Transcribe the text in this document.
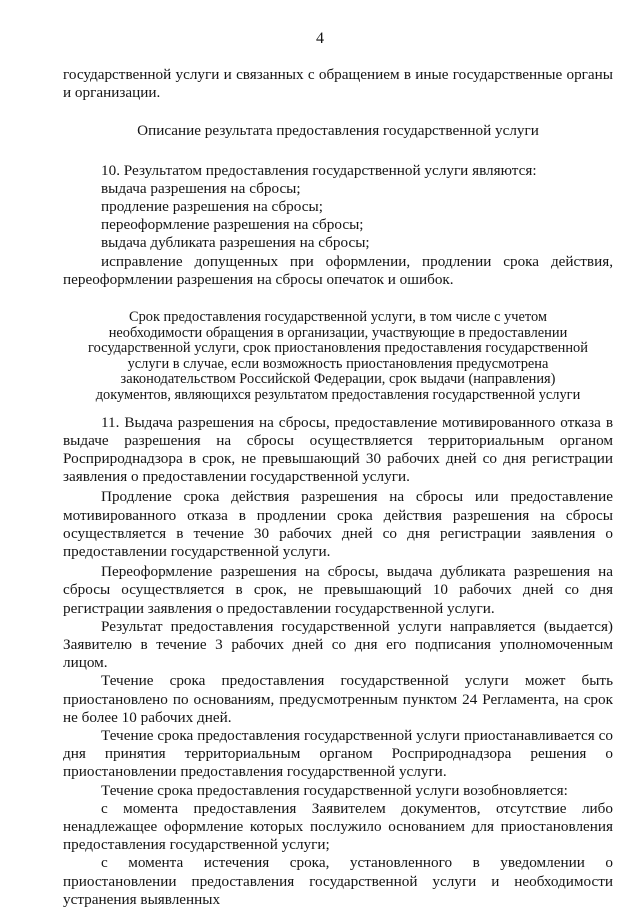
4

государственной услуги и связанных с обращением в иные государственные органы и организации.

Описание результата предоставления государственной услуги

10. Результатом предоставления государственной услуги являются:

выдача разрешения на сбросы;

продление разрешения на сбросы;

переоформление разрешения на сбросы;

выдача дубликата разрешения на сбросы;

исправление допущенных при оформлении, продлении срока действия, переоформлении разрешения на сбросы опечаток и ошибок.

Срок предоставления государственной услуги, в том числе с учетом необходимости обращения в организации, участвующие в предоставлении государственной услуги, срок приостановления предоставления государственной услуги в случае, если возможность приостановления предусмотрена законодательством Российской Федерации, срок выдачи (направления) документов, являющихся результатом предоставления государственной услуги

11. Выдача разрешения на сбросы, предоставление мотивированного отказа в выдаче разрешения на сбросы осуществляется территориальным органом Росприроднадзора в срок, не превышающий 30 рабочих дней со дня регистрации заявления о предоставлении государственной услуги.

Продление срока действия разрешения на сбросы или предоставление мотивированного отказа в продлении срока действия разрешения на сбросы осуществляется в течение 30 рабочих дней со дня регистрации заявления о предоставлении государственной услуги.

Переоформление разрешения на сбросы, выдача дубликата разрешения на сбросы осуществляется в срок, не превышающий 10 рабочих дней со дня регистрации заявления о предоставлении государственной услуги.

Результат предоставления государственной услуги направляется (выдается) Заявителю в течение 3 рабочих дней со дня его подписания уполномоченным лицом.

Течение срока предоставления государственной услуги может быть приостановлено по основаниям, предусмотренным пунктом 24 Регламента, на срок не более 10 рабочих дней.

Течение срока предоставления государственной услуги приостанавливается со дня принятия территориальным органом Росприроднадзора решения о приостановлении предоставления государственной услуги.

Течение срока предоставления государственной услуги возобновляется:

с момента предоставления Заявителем документов, отсутствие либо ненадлежащее оформление которых послужило основанием для приостановления предоставления государственной услуги;

с момента истечения срока, установленного в уведомлении о приостановлении предоставления государственной услуги и необходимости устранения выявленных
